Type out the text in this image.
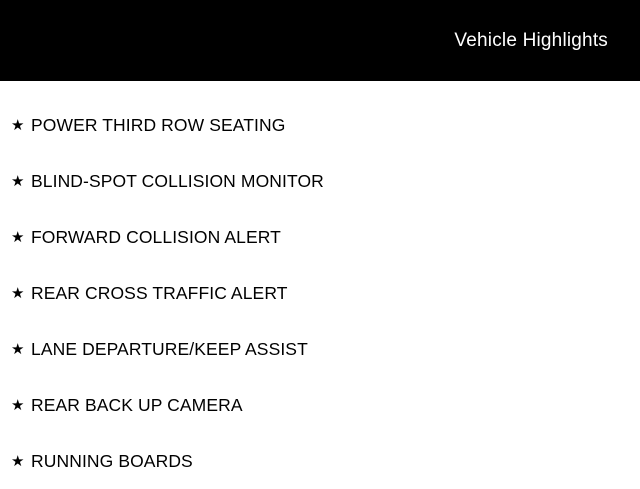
Vehicle Highlights
★ POWER THIRD ROW SEATING
★ BLIND-SPOT COLLISION MONITOR
★ FORWARD COLLISION ALERT
★ REAR CROSS TRAFFIC ALERT
★ LANE DEPARTURE/KEEP ASSIST
★ REAR BACK UP CAMERA
★ RUNNING BOARDS
